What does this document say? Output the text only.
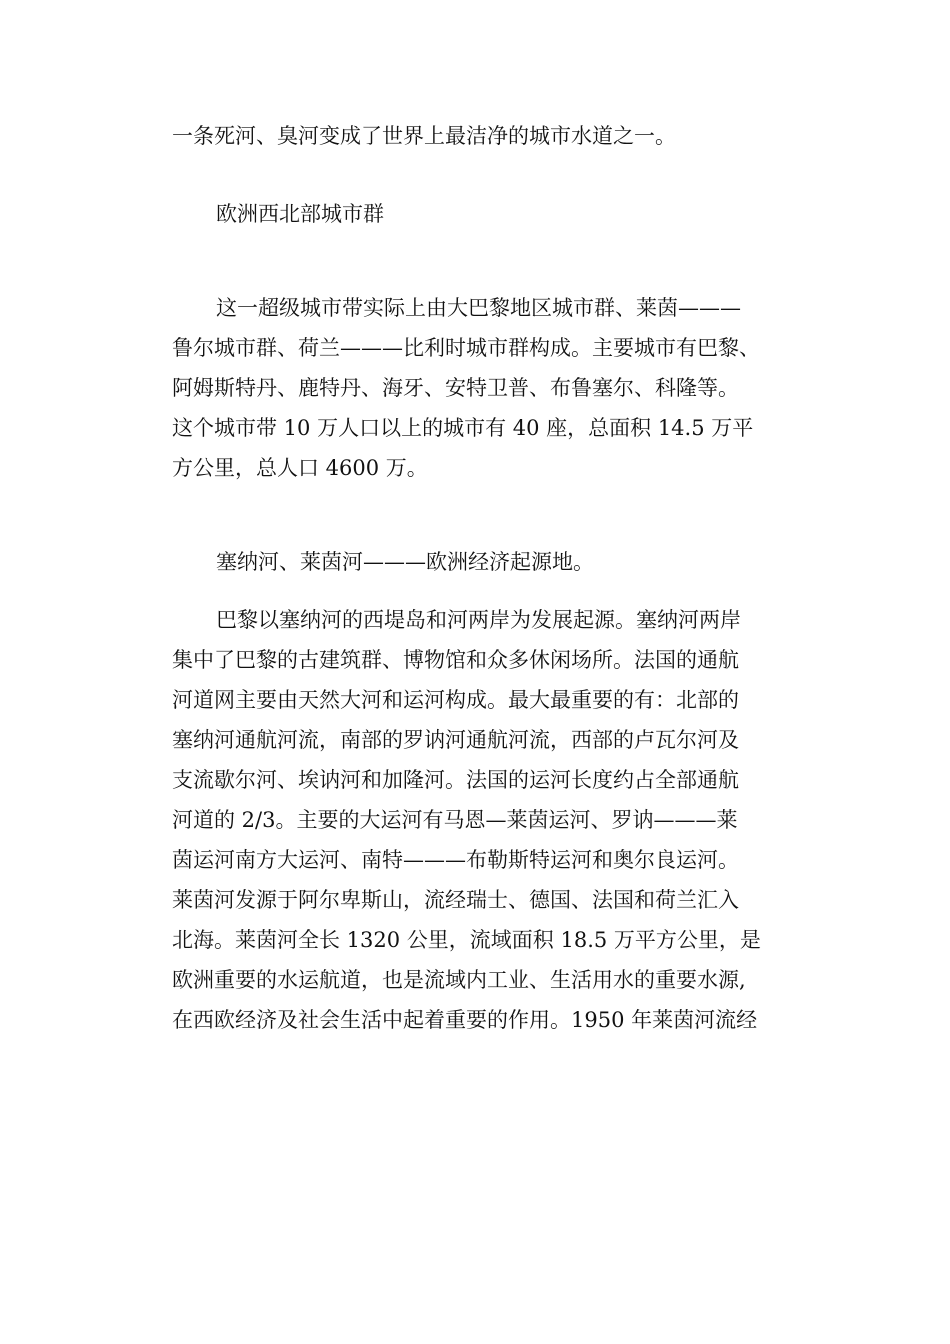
一条死河、臭河变成了世界上最洁净的城市水道之一。
欧洲西北部城市群
这一超级城市带实际上由大巴黎地区城市群、莱茵———
鲁尔城市群、荷兰———比利时城市群构成。主要城市有巴黎、
阿姆斯特丹、鹿特丹、海牙、安特卫普、布鲁塞尔、科隆等。
这个城市带 10 万人口以上的城市有 40 座，总面积 14.5 万平
方公里，总人口 4600 万。
塞纳河、莱茵河———欧洲经济起源地。
巴黎以塞纳河的西堤岛和河两岸为发展起源。塞纳河两岸
集中了巴黎的古建筑群、博物馆和众多休闲场所。法国的通航
河道网主要由天然大河和运河构成。最大最重要的有：北部的
塞纳河通航河流，南部的罗讷河通航河流，西部的卢瓦尔河及
支流歇尔河、埃讷河和加隆河。法国的运河长度约占全部通航
河道的 2/3。主要的大运河有马恩—莱茵运河、罗讷———莱
茵运河南方大运河、南特———布勒斯特运河和奥尔良运河。
莱茵河发源于阿尔卑斯山，流经瑞士、德国、法国和荷兰汇入
北海。莱茵河全长 1320 公里，流域面积 18.5 万平方公里，是
欧洲重要的水运航道，也是流域内工业、生活用水的重要水源,
在西欧经济及社会生活中起着重要的作用。1950 年莱茵河流经
